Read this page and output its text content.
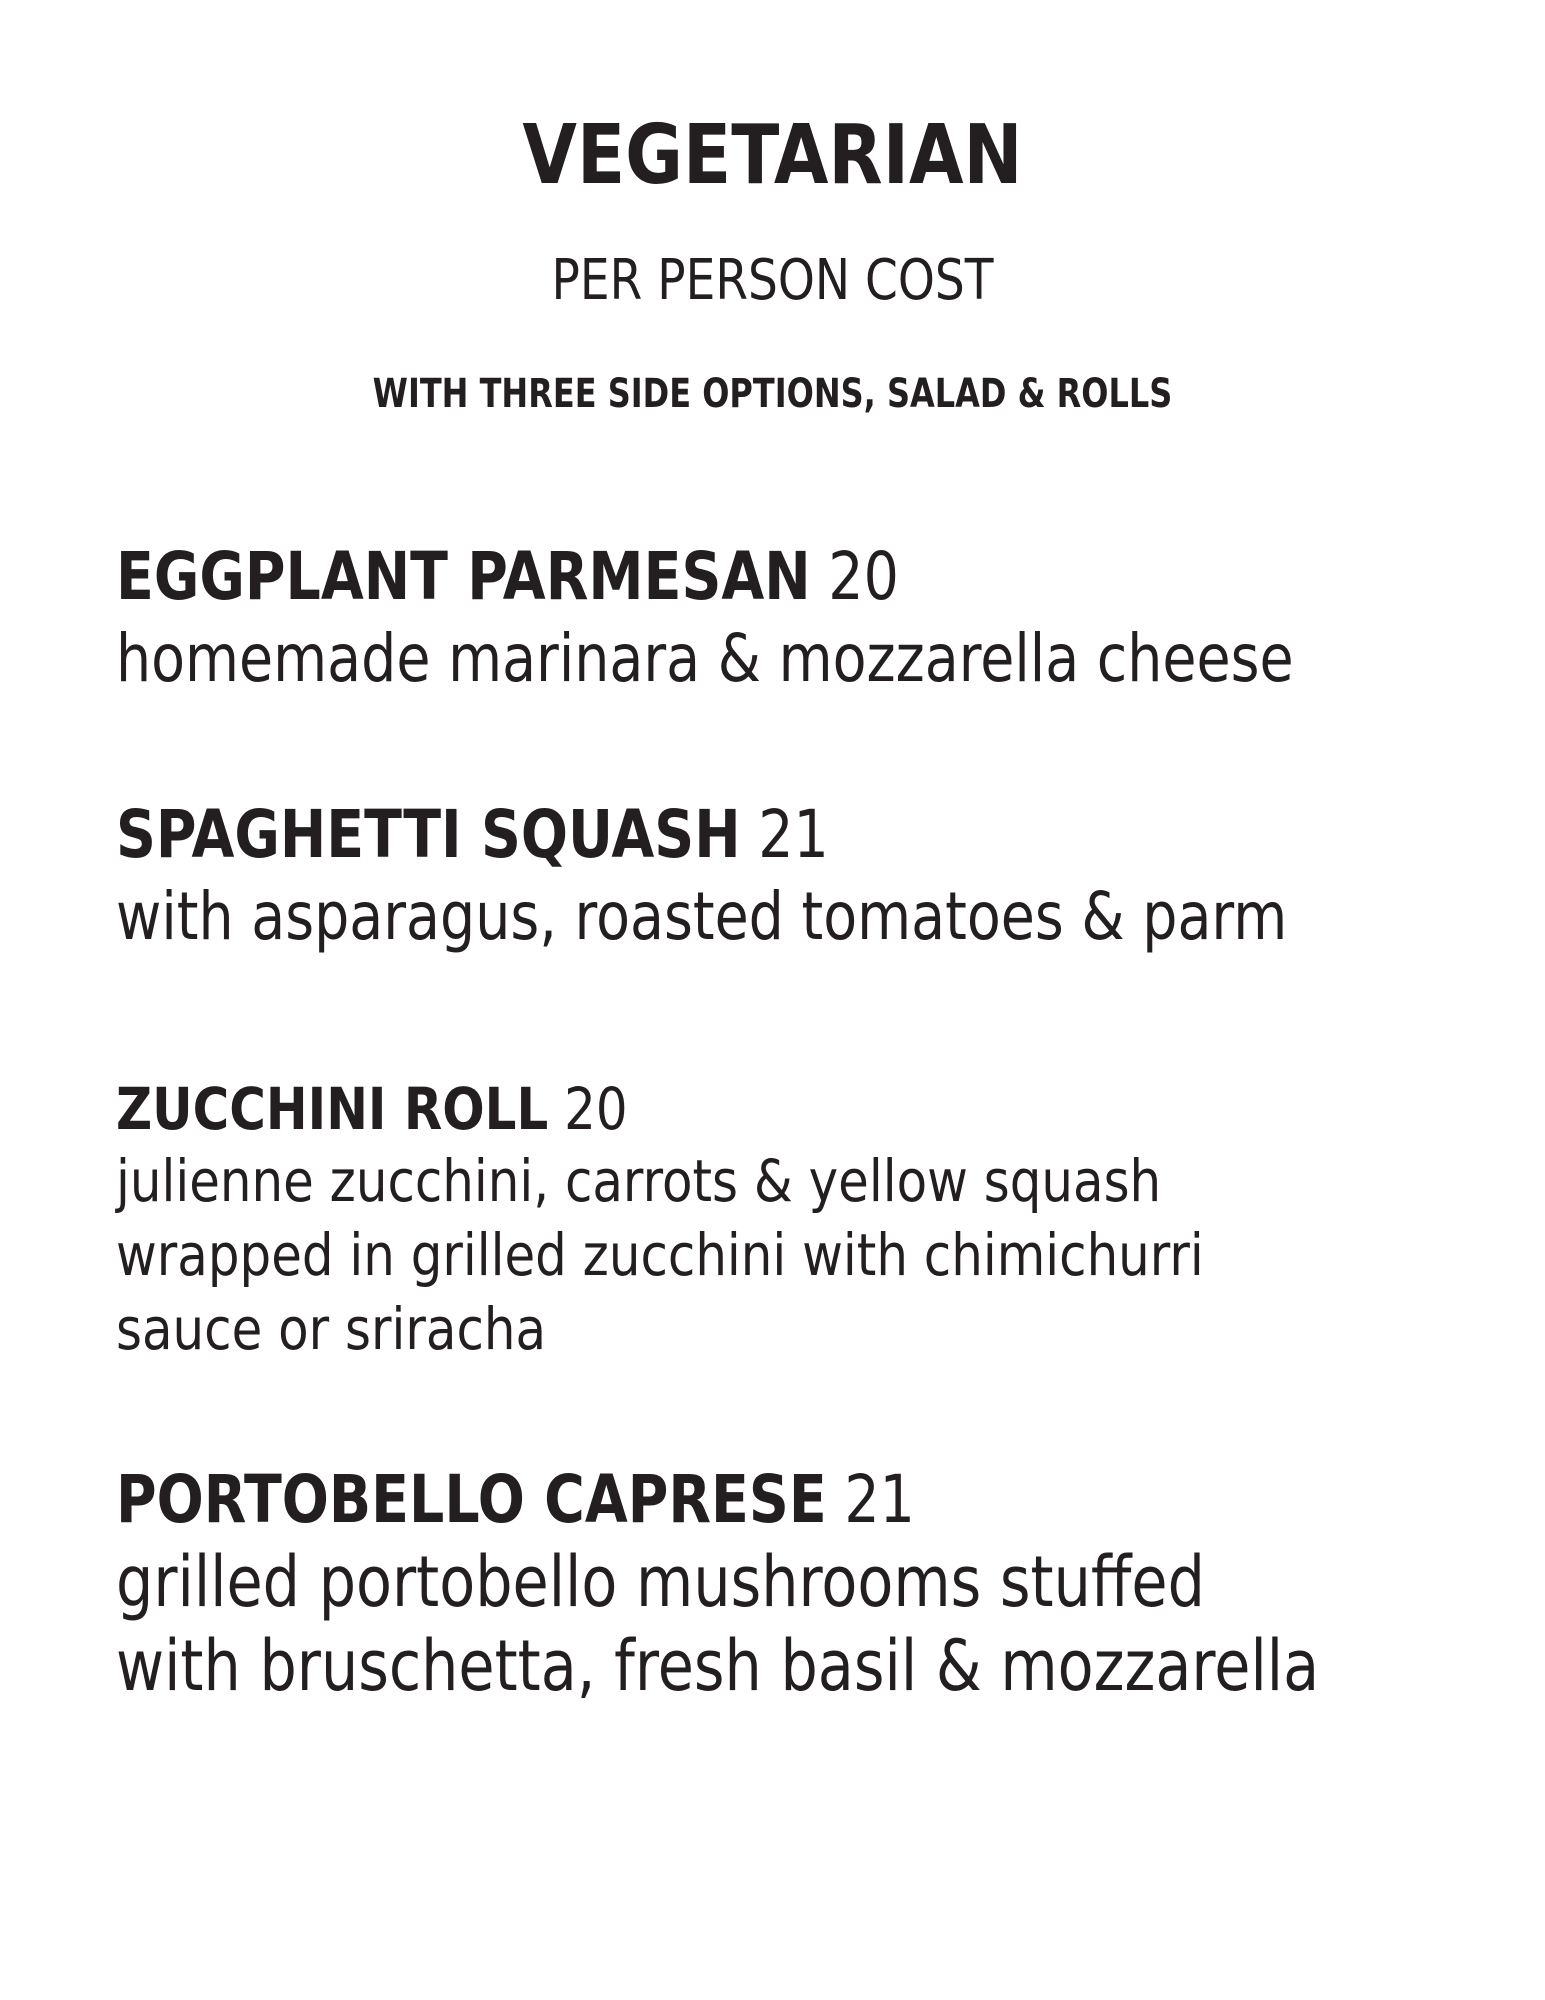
VEGETARIAN
PER PERSON COST
WITH THREE SIDE OPTIONS, SALAD & ROLLS
EGGPLANT PARMESAN 20
homemade marinara & mozzarella cheese
SPAGHETTI SQUASH 21
with asparagus, roasted tomatoes & parm
ZUCCHINI ROLL 20
julienne zucchini, carrots & yellow squash
wrapped in grilled zucchini with chimichurri
sauce or sriracha
PORTOBELLO CAPRESE 21
grilled portobello mushrooms stuffed
with bruschetta, fresh basil & mozzarella
